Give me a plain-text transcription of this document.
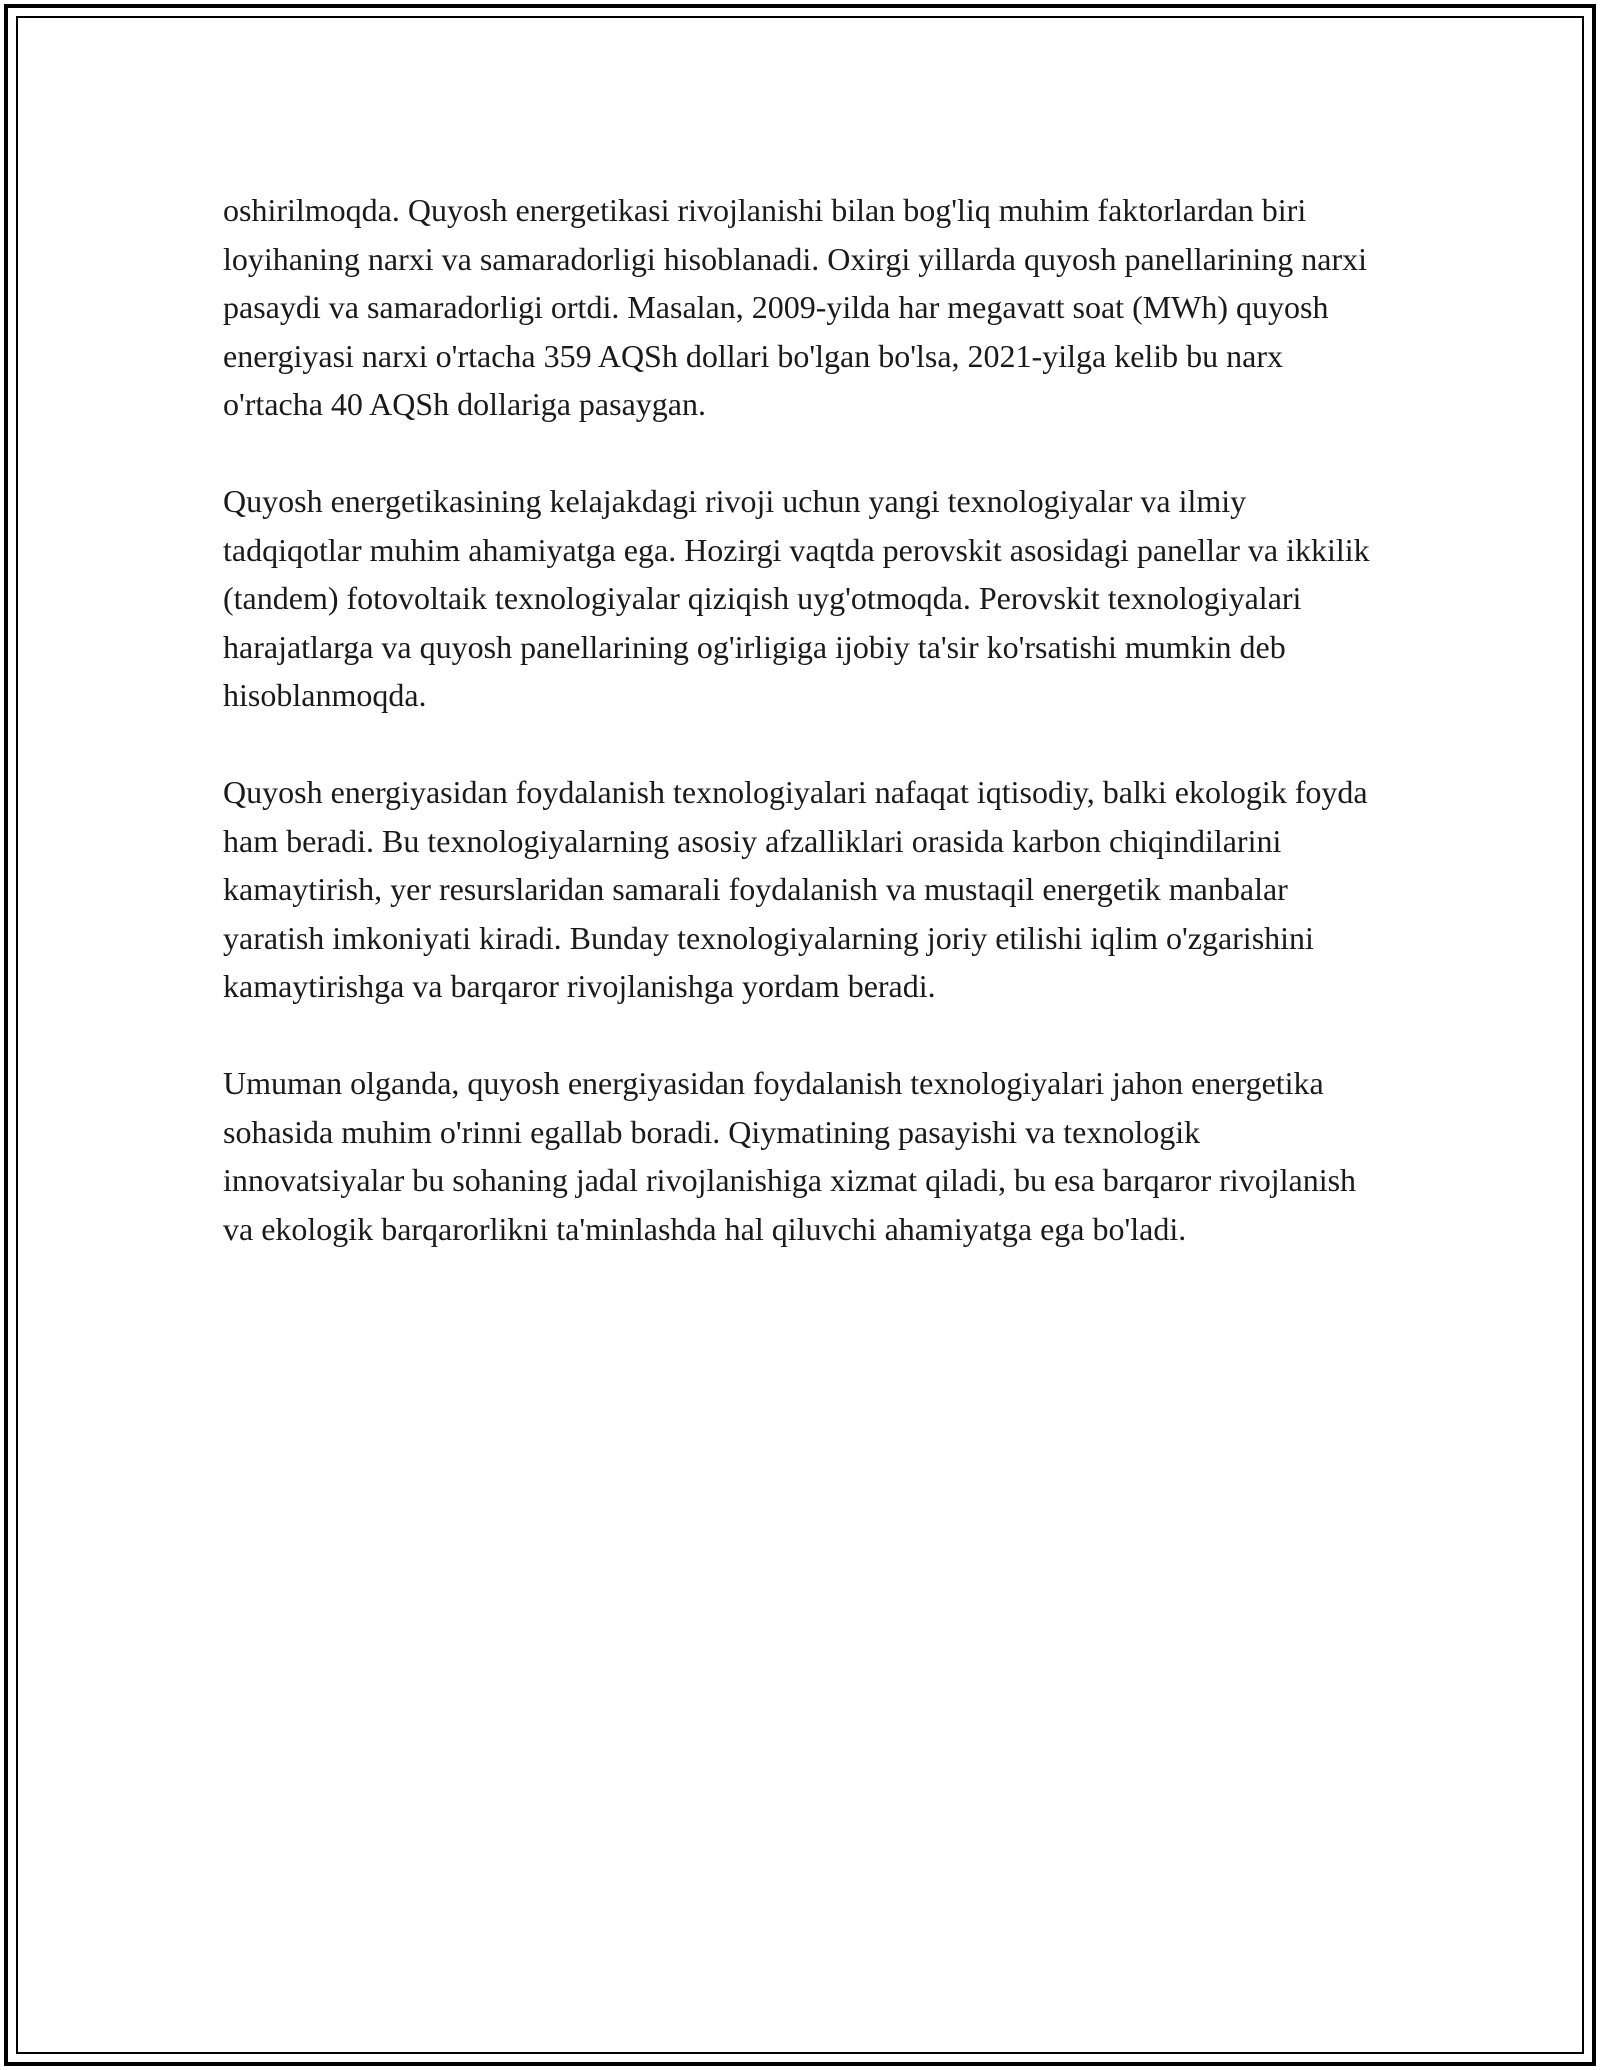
oshirilmoqda. Quyosh energetikasi rivojlanishi bilan bog'liq muhim faktorlardan biri loyihaning narxi va samaradorligi hisoblanadi. Oxirgi yillarda quyosh panellarining narxi pasaydi va samaradorligi ortdi. Masalan, 2009-yilda har megavatt soat (MWh) quyosh energiyasi narxi o'rtacha 359 AQSh dollari bo'lgan bo'lsa, 2021-yilga kelib bu narx o'rtacha 40 AQSh dollariga pasaygan.

Quyosh energetikasining kelajakdagi rivoji uchun yangi texnologiyalar va ilmiy tadqiqotlar muhim ahamiyatga ega. Hozirgi vaqtda perovskit asosidagi panellar va ikkilik (tandem) fotovoltaik texnologiyalar qiziqish uyg'otmoqda. Perovskit texnologiyalari harajatlarga va quyosh panellarining og'irligiga ijobiy ta'sir ko'rsatishi mumkin deb hisoblanmoqda.

Quyosh energiyasidan foydalanish texnologiyalari nafaqat iqtisodiy, balki ekologik foyda ham beradi. Bu texnologiyalarning asosiy afzalliklari orasida karbon chiqindilarini kamaytirish, yer resurslaridan samarali foydalanish va mustaqil energetik manbalar yaratish imkoniyati kiradi. Bunday texnologiyalarning joriy etilishi iqlim o'zgarishini kamaytirishga va barqaror rivojlanishga yordam beradi.

Umuman olganda, quyosh energiyasidan foydalanish texnologiyalari jahon energetika sohasida muhim o'rinni egallab boradi. Qiymatining pasayishi va texnologik innovatsiyalar bu sohaning jadal rivojlanishiga xizmat qiladi, bu esa barqaror rivojlanish va ekologik barqarorlikni ta'minlashda hal qiluvchi ahamiyatga ega bo'ladi.
